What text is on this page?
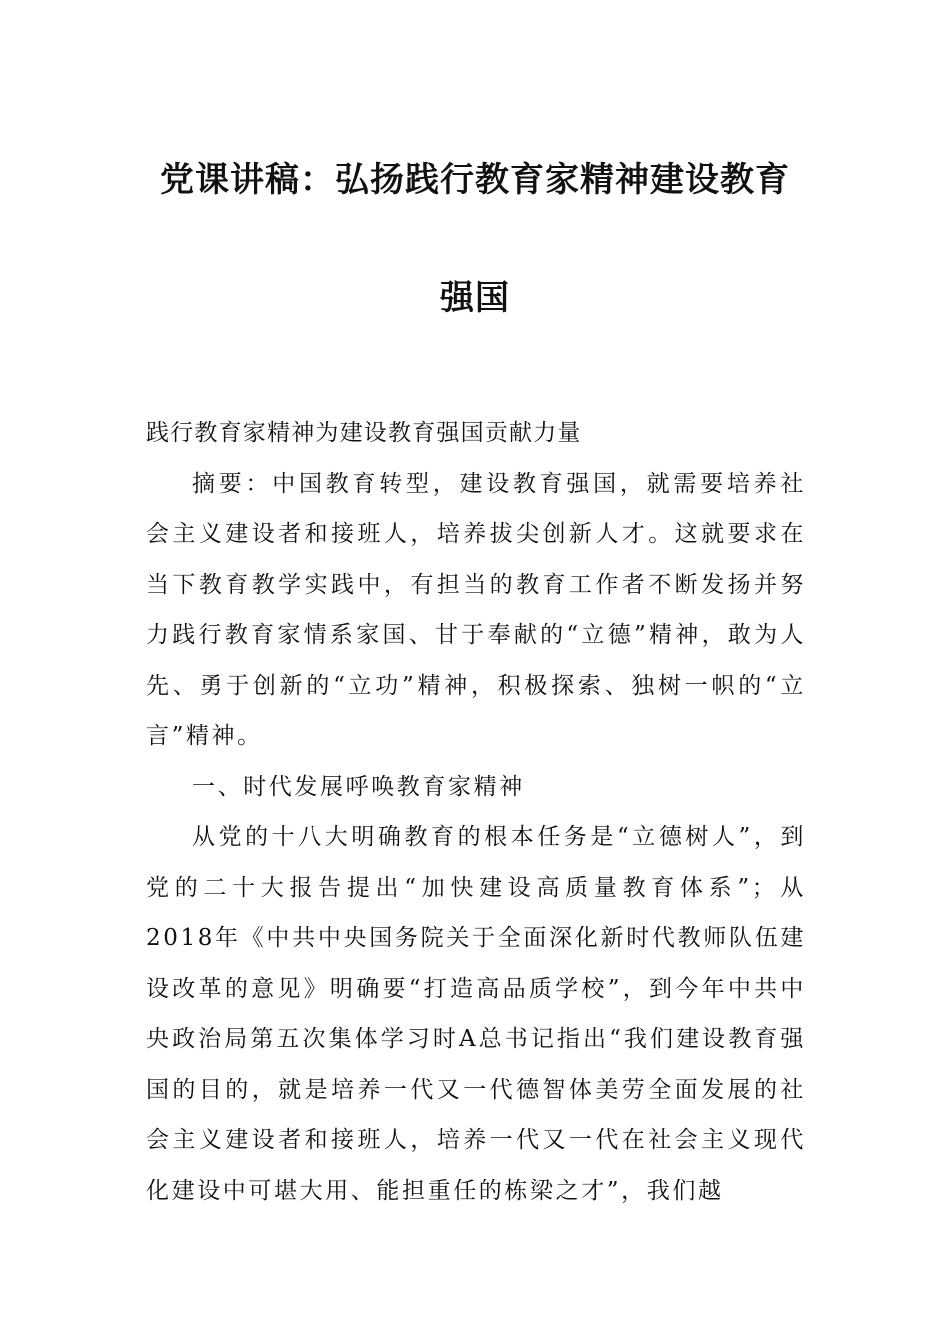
党课讲稿：弘扬践行教育家精神建设教育
强国

践行教育家精神为建设教育强国贡献力量

摘要：中国教育转型，建设教育强国，就需要培养社会主义建设者和接班人，培养拔尖创新人才。这就要求在当下教育教学实践中，有担当的教育工作者不断发扬并努力践行教育家情系家国、甘于奉献的“立德”精神，敢为人先、勇于创新的“立功”精神，积极探索、独树一帜的“立言”精神。

一、时代发展呼唤教育家精神

从党的十八大明确教育的根本任务是“立德树人”，到党的二十大报告提出“加快建设高质量教育体系”；从2018年《中共中央国务院关于全面深化新时代教师队伍建设改革的意见》明确要“打造高品质学校”，到今年中共中央政治局第五次集体学习时A总书记指出“我们建设教育强国的目的，就是培养一代又一代德智体美劳全面发展的社会主义建设者和接班人，培养一代又一代在社会主义现代化建设中可堪大用、能担重任的栋梁之才”，我们越
